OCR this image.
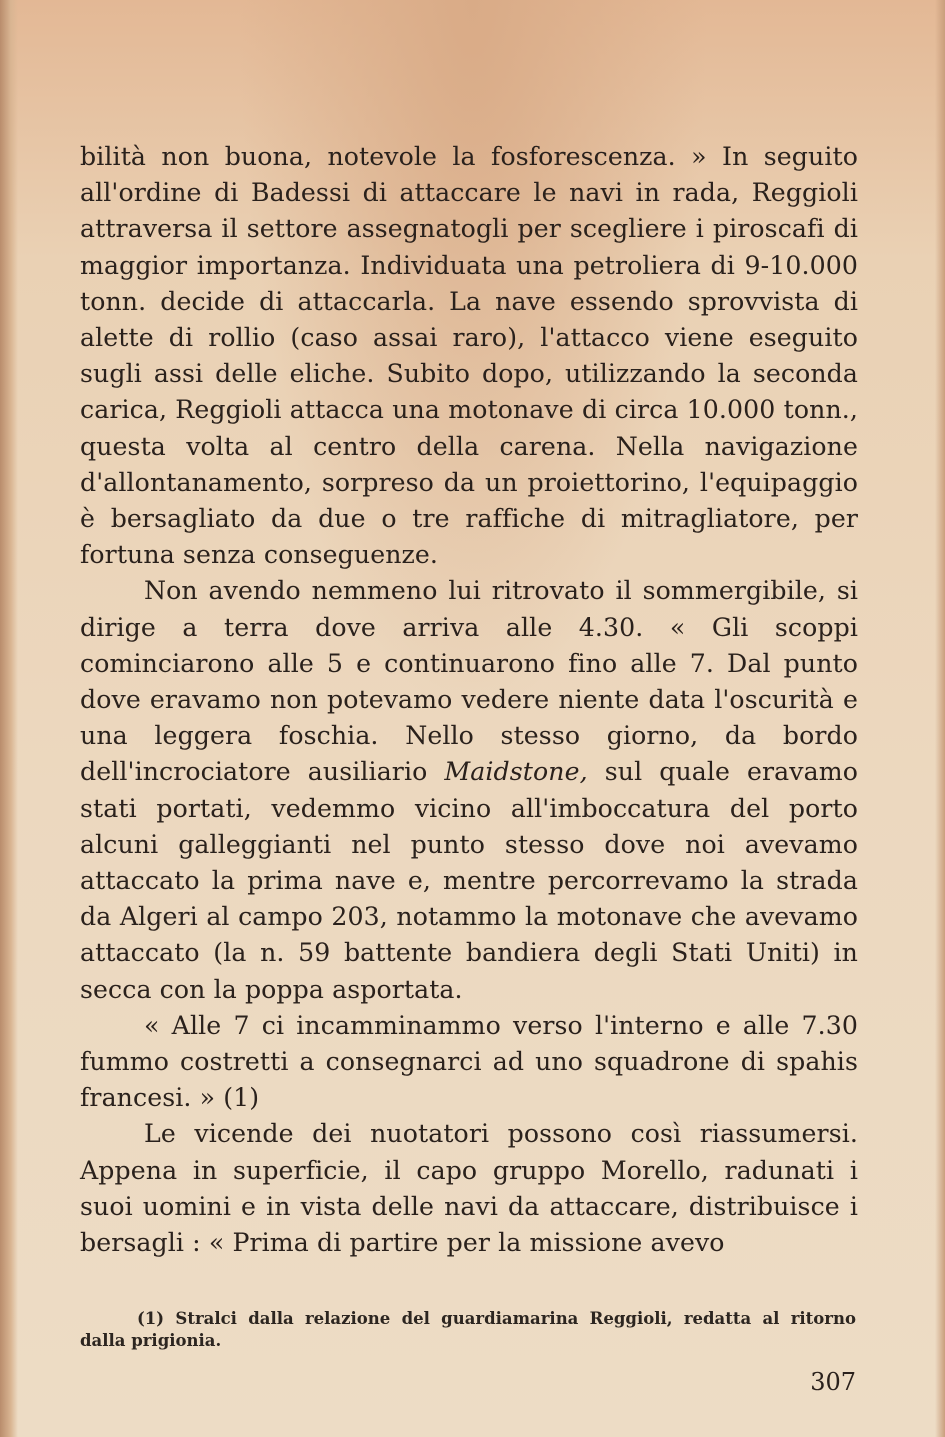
bilità non buona, notevole la fosforescenza. » In seguito all'ordine di Badessi di attaccare le navi in rada, Reggioli attraversa il settore assegnatogli per scegliere i piroscafi di maggior importanza. Individuata una petroliera di 9-10.000 tonn. decide di attaccarla. La nave essendo sprovvista di alette di rollio (caso assai raro), l'attacco viene eseguito sugli assi delle eliche. Subito dopo, utilizzando la seconda carica, Reggioli attacca una motonave di circa 10.000 tonn., questa volta al centro della carena. Nella navigazione d'allontanamento, sorpreso da un proiettorino, l'equipaggio è bersagliato da due o tre raffiche di mitragliatore, per fortuna senza conseguenze.

Non avendo nemmeno lui ritrovato il sommergibile, si dirige a terra dove arriva alle 4.30. « Gli scoppi cominciarono alle 5 e continuarono fino alle 7. Dal punto dove eravamo non potevamo vedere niente data l'oscurità e una leggera foschia. Nello stesso giorno, da bordo dell'incrociatore ausiliario Maidstone, sul quale eravamo stati portati, vedemmo vicino all'imboccatura del porto alcuni galleggianti nel punto stesso dove noi avevamo attaccato la prima nave e, mentre percorrevamo la strada da Algeri al campo 203, notammo la motonave che avevamo attaccato (la n. 59 battente bandiera degli Stati Uniti) in secca con la poppa asportata.

« Alle 7 ci incamminammo verso l'interno e alle 7.30 fummo costretti a consegnarci ad uno squadrone di spahis francesi. » (1)

Le vicende dei nuotatori possono così riassumersi. Appena in superficie, il capo gruppo Morello, radunati i suoi uomini e in vista delle navi da attaccare, distribuisce i bersagli : « Prima di partire per la missione avevo

(1) Stralci dalla relazione del guardiamarina Reggioli, redatta al ritorno dalla prigionia.
307
